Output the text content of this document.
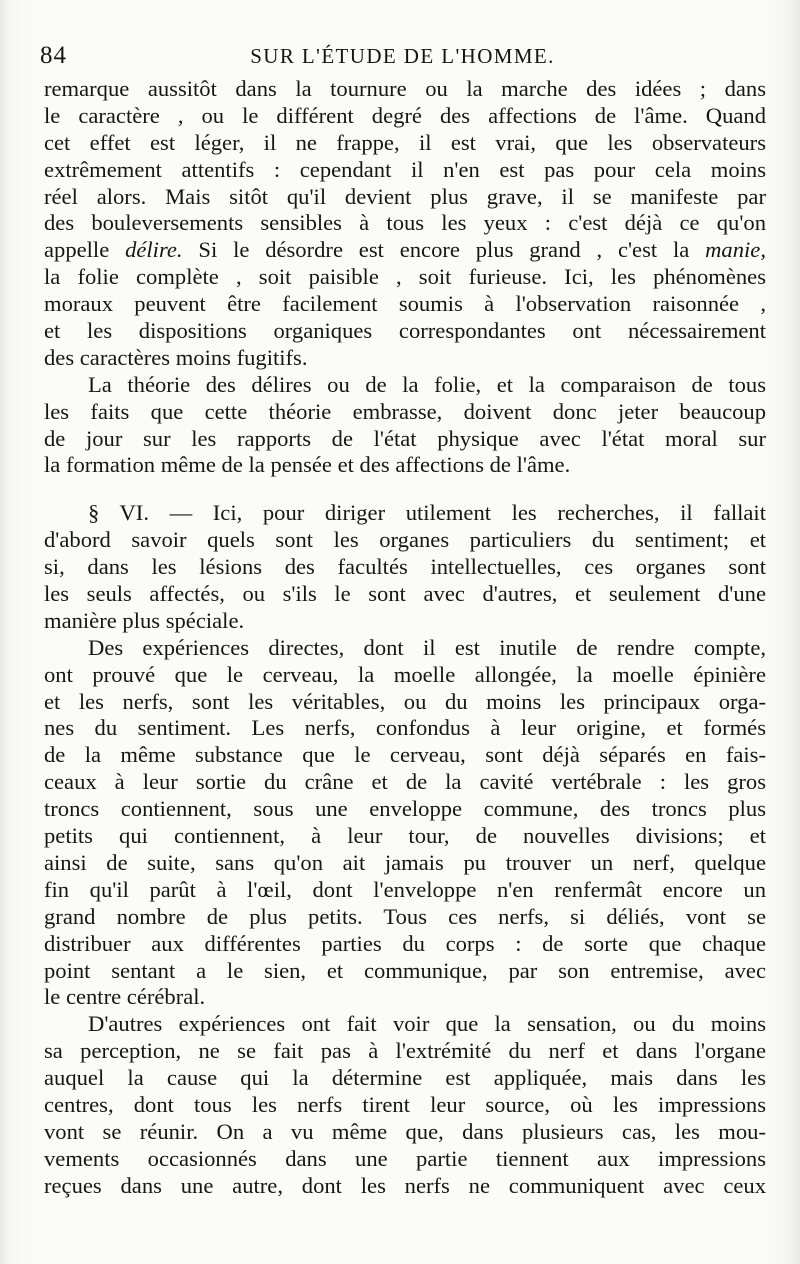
84	SUR L'ÉTUDE DE L'HOMME.
remarque aussitôt dans la tournure ou la marche des idées ; dans
le caractère , ou le différent degré des affections de l'âme. Quand
cet effet est léger, il ne frappe, il est vrai, que les observateurs
extrêmement attentifs : cependant il n'en est pas pour cela moins
réel alors. Mais sitôt qu'il devient plus grave, il se manifeste par
des bouleversements sensibles à tous les yeux : c'est déjà ce qu'on
appelle délire. Si le désordre est encore plus grand , c'est la manie,
la folie complète , soit paisible , soit furieuse. Ici, les phénomènes
moraux peuvent être facilement soumis à l'observation raisonnée ,
et les dispositions organiques correspondantes ont nécessairement
des caractères moins fugitifs.
La théorie des délires ou de la folie, et la comparaison de tous
les faits que cette théorie embrasse, doivent donc jeter beaucoup
de jour sur les rapports de l'état physique avec l'état moral sur
la formation même de la pensée et des affections de l'âme.
§ VI. — Ici, pour diriger utilement les recherches, il fallait
d'abord savoir quels sont les organes particuliers du sentiment; et
si, dans les lésions des facultés intellectuelles, ces organes sont
les seuls affectés, ou s'ils le sont avec d'autres, et seulement d'une
manière plus spéciale.
Des expériences directes, dont il est inutile de rendre compte,
ont prouvé que le cerveau, la moelle allongée, la moelle épinière
et les nerfs, sont les véritables, ou du moins les principaux orga-
nes du sentiment. Les nerfs, confondus à leur origine, et formés
de la même substance que le cerveau, sont déjà séparés en fais-
ceaux à leur sortie du crâne et de la cavité vertébrale : les gros
troncs contiennent, sous une enveloppe commune, des troncs plus
petits qui contiennent, à leur tour, de nouvelles divisions; et
ainsi de suite, sans qu'on ait jamais pu trouver un nerf, quelque
fin qu'il parût à l'œil, dont l'enveloppe n'en renfermât encore un
grand nombre de plus petits. Tous ces nerfs, si déliés, vont se
distribuer aux différentes parties du corps : de sorte que chaque
point sentant a le sien, et communique, par son entremise, avec
le centre cérébral.
D'autres expériences ont fait voir que la sensation, ou du moins
sa perception, ne se fait pas à l'extrémité du nerf et dans l'organe
auquel la cause qui la détermine est appliquée, mais dans les
centres, dont tous les nerfs tirent leur source, où les impressions
vont se réunir. On a vu même que, dans plusieurs cas, les mou-
vements occasionnés dans une partie tiennent aux impressions
reçues dans une autre, dont les nerfs ne communiquent avec ceux
